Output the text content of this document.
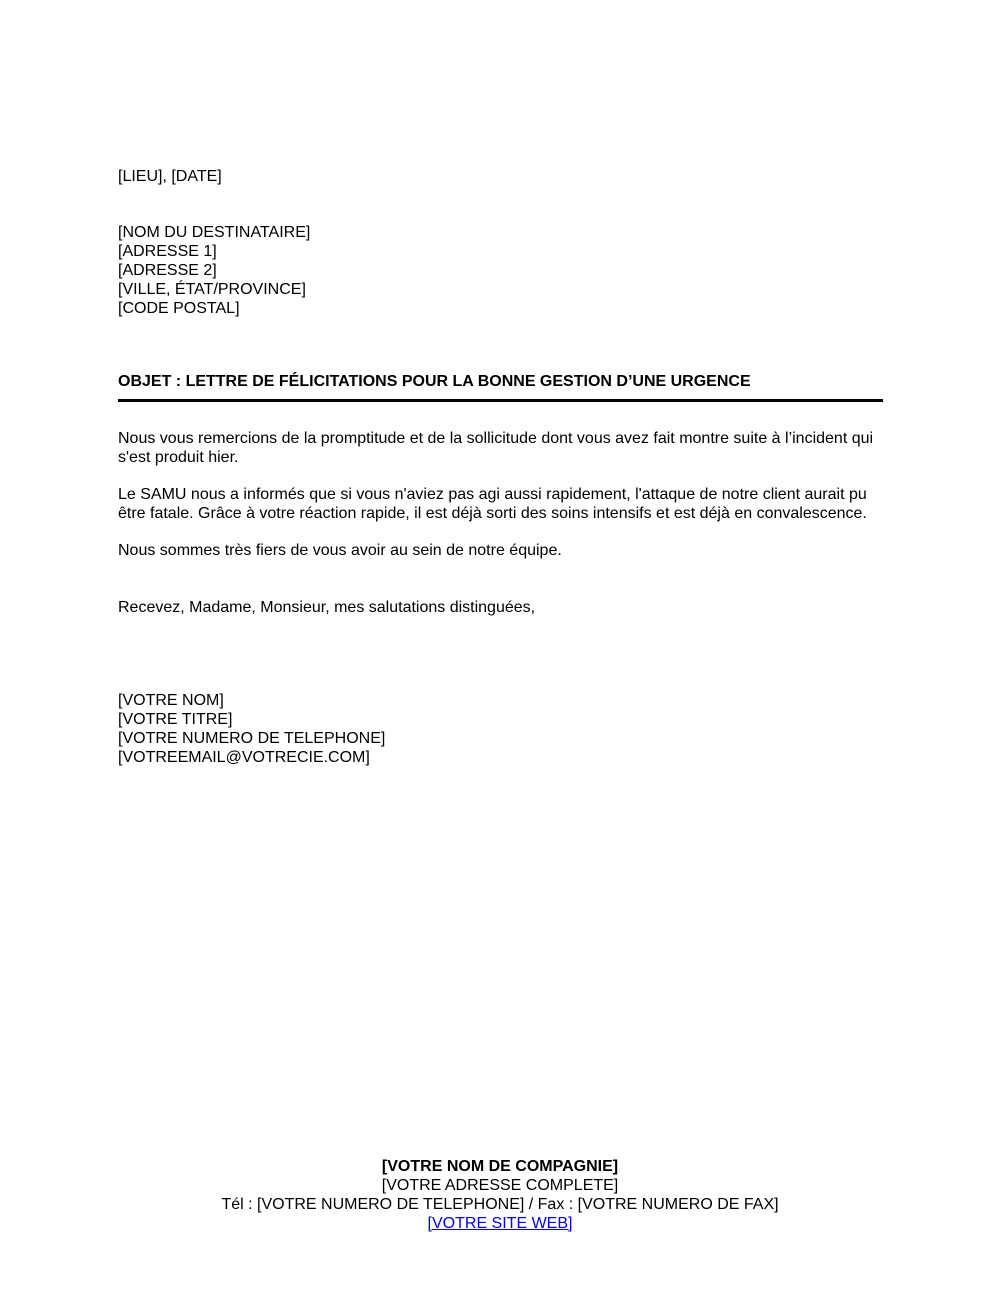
[LIEU], [DATE]
[NOM DU DESTINATAIRE]
[ADRESSE 1]
[ADRESSE 2]
[VILLE, ÉTAT/PROVINCE]
[CODE POSTAL]
OBJET : LETTRE DE FÉLICITATIONS POUR LA BONNE GESTION D’UNE URGENCE
Nous vous remercions de la promptitude et de la sollicitude dont vous avez fait montre suite à l’incident qui s'est produit hier.
Le SAMU nous a informés que si vous n'aviez pas agi aussi rapidement, l'attaque de notre client aurait pu être fatale. Grâce à votre réaction rapide, il est déjà sorti des soins intensifs et est déjà en convalescence.
Nous sommes très fiers de vous avoir au sein de notre équipe.
Recevez, Madame, Monsieur, mes salutations distinguées,
[VOTRE NOM]
[VOTRE TITRE]
[VOTRE NUMERO DE TELEPHONE]
[VOTREEMAIL@VOTRECIE.COM]
[VOTRE NOM DE COMPAGNIE]
[VOTRE ADRESSE COMPLETE]
Tél : [VOTRE NUMERO DE TELEPHONE] / Fax : [VOTRE NUMERO DE FAX]
[VOTRE SITE WEB]
